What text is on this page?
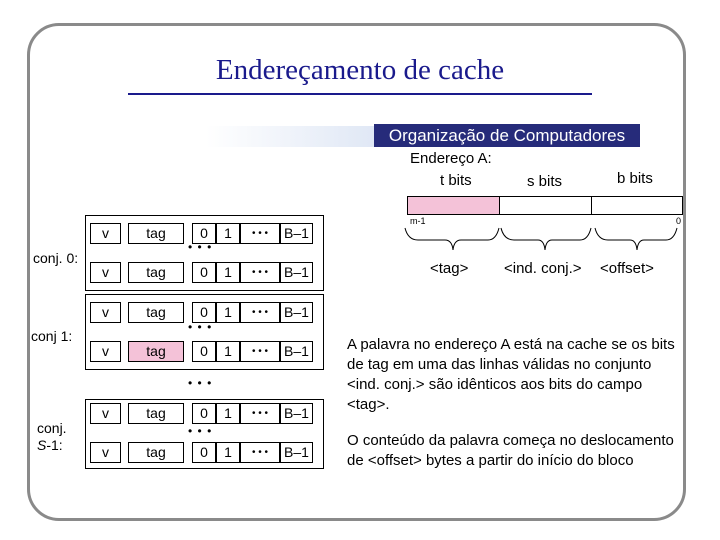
Endereçamento de cache
Organização de Computadores
Endereço A:
t bits	s bits	b bits
m-1	0
<tag> <ind. conj.> <offset>
conj. 0:
conj 1:
conj.
S-1:
v	tag	0	1	• • •	B–1
v	tag	0	1	• • •	B–1
v	tag	0	1	• • •	B–1
v	tag	0	1	• • •	B–1
v	tag	0	1	• • •	B–1
v	tag	0	1	• • •	B–1
• • •
• • •
• • •
• • •
A palavra no endereço A está na cache se os bits de tag em uma das linhas válidas no conjunto <ind. conj.> são idênticos aos bits do campo <tag>.
O conteúdo da palavra começa no deslocamento de <offset> bytes a partir do início do bloco
